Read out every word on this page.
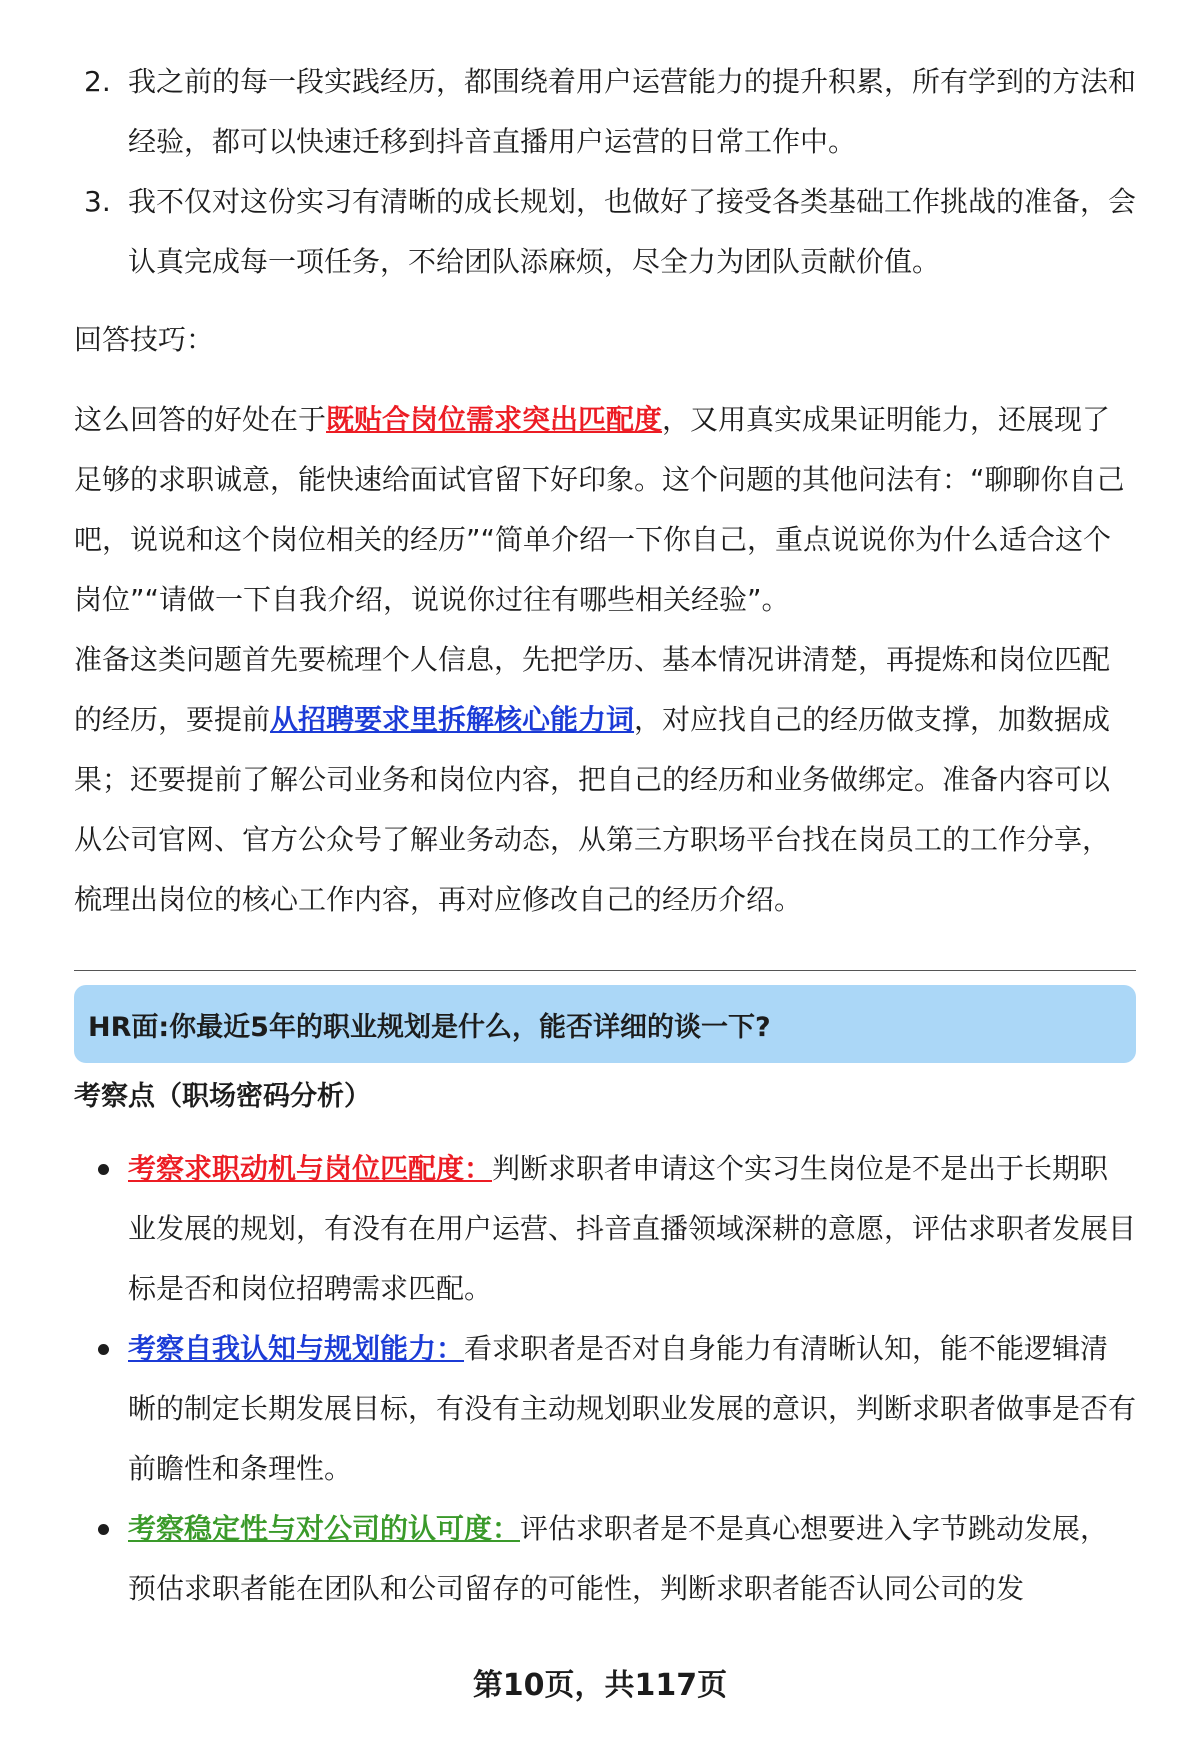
2. 我之前的每一段实践经历，都围绕着用户运营能力的提升积累，所有学到的方法和经验，都可以快速迁移到抖音直播用户运营的日常工作中。
3. 我不仅对这份实习有清晰的成长规划，也做好了接受各类基础工作挑战的准备，会认真完成每一项任务，不给团队添麻烦，尽全力为团队贡献价值。

回答技巧：

这么回答的好处在于既贴合岗位需求突出匹配度，又用真实成果证明能力，还展现了足够的求职诚意，能快速给面试官留下好印象。这个问题的其他问法有：“聊聊你自己吧，说说和这个岗位相关的经历”“简单介绍一下你自己，重点说说你为什么适合这个岗位”“请做一下自我介绍，说说你过往有哪些相关经验”。

准备这类问题首先要梳理个人信息，先把学历、基本情况讲清楚，再提炼和岗位匹配的经历，要提前从招聘要求里拆解核心能力词，对应找自己的经历做支撑，加数据成果；还要提前了解公司业务和岗位内容，把自己的经历和业务做绑定。准备内容可以从公司官网、官方公众号了解业务动态，从第三方职场平台找在岗员工的工作分享，梳理出岗位的核心工作内容，再对应修改自己的经历介绍。

HR面:你最近5年的职业规划是什么，能否详细的谈一下?
考察点（职场密码分析）
考察求职动机与岗位匹配度：判断求职者申请这个实习生岗位是不是出于长期职业发展的规划，有没有在用户运营、抖音直播领域深耕的意愿，评估求职者发展目标是否和岗位招聘需求匹配。
考察自我认知与规划能力：看求职者是否对自身能力有清晰认知，能不能逻辑清晰的制定长期发展目标，有没有主动规划职业发展的意识，判断求职者做事是否有前瞻性和条理性。
考察稳定性与对公司的认可度：评估求职者是不是真心想要进入字节跳动发展，预估求职者能在团队和公司留存的可能性，判断求职者能否认同公司的发
第10页，共117页
